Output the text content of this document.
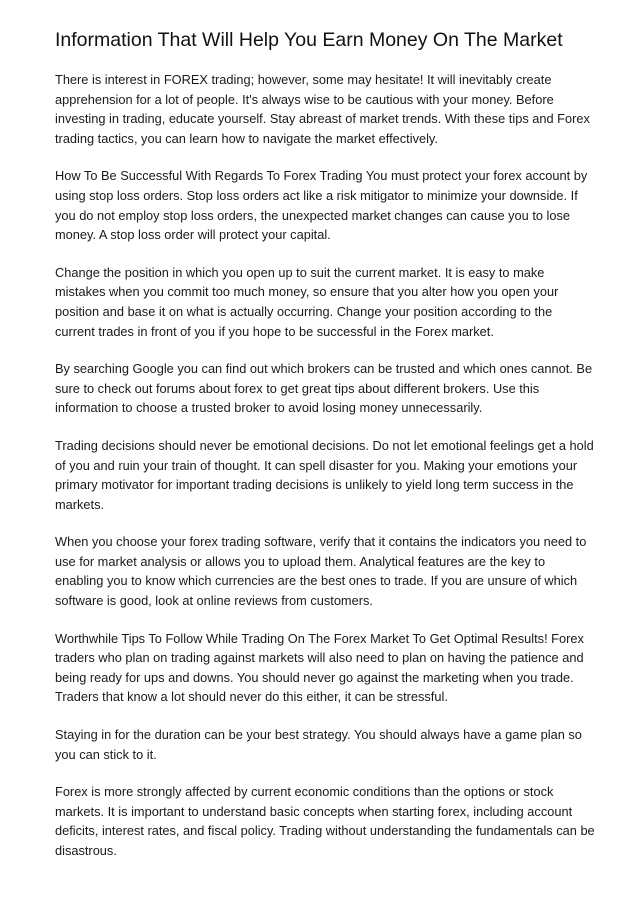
Information That Will Help You Earn Money On The Market

There is interest in FOREX trading; however, some may hesitate! It will inevitably create apprehension for a lot of people. It's always wise to be cautious with your money. Before investing in trading, educate yourself. Stay abreast of market trends. With these tips and Forex trading tactics, you can learn how to navigate the market effectively.

How To Be Successful With Regards To Forex Trading You must protect your forex account by using stop loss orders. Stop loss orders act like a risk mitigator to minimize your downside. If you do not employ stop loss orders, the unexpected market changes can cause you to lose money. A stop loss order will protect your capital.

Change the position in which you open up to suit the current market. It is easy to make mistakes when you commit too much money, so ensure that you alter how you open your position and base it on what is actually occurring. Change your position according to the current trades in front of you if you hope to be successful in the Forex market.

By searching Google you can find out which brokers can be trusted and which ones cannot. Be sure to check out forums about forex to get great tips about different brokers. Use this information to choose a trusted broker to avoid losing money unnecessarily.

Trading decisions should never be emotional decisions. Do not let emotional feelings get a hold of you and ruin your train of thought. It can spell disaster for you. Making your emotions your primary motivator for important trading decisions is unlikely to yield long term success in the markets.

When you choose your forex trading software, verify that it contains the indicators you need to use for market analysis or allows you to upload them. Analytical features are the key to enabling you to know which currencies are the best ones to trade. If you are unsure of which software is good, look at online reviews from customers.

Worthwhile Tips To Follow While Trading On The Forex Market To Get Optimal Results! Forex traders who plan on trading against markets will also need to plan on having the patience and being ready for ups and downs. You should never go against the marketing when you trade. Traders that know a lot should never do this either, it can be stressful.

Staying in for the duration can be your best strategy. You should always have a game plan so you can stick to it.

Forex is more strongly affected by current economic conditions than the options or stock markets. It is important to understand basic concepts when starting forex, including account deficits, interest rates, and fiscal policy. Trading without understanding the fundamentals can be disastrous.
